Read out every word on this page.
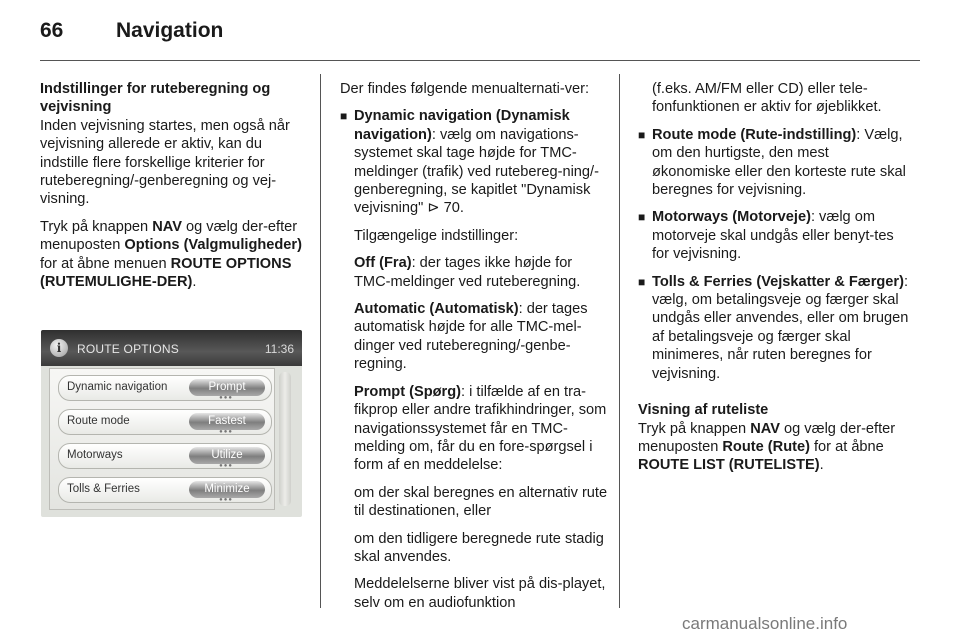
66	Navigation

Indstillinger for ruteberegning og vejvisning

Inden vejvisning startes, men også når vejvisning allerede er aktiv, kan du indstille flere forskellige kriterier for ruteberegning/-genberegning og vej-visning.

Tryk på knappen NAV og vælg der-efter menuposten Options (Valgmuligheder) for at åbne menuen ROUTE OPTIONS (RUTEMULIGHE-DER).

i	ROUTE OPTIONS	11:36
Dynamic navigation	Prompt
●●●
Route mode	Fastest
●●●
Motorways	Utilize
●●●
Tolls & Ferries	Minimize
●●●

Der findes følgende menualternati-ver:

■ Dynamic navigation (Dynamisk navigation): vælg om navigations-systemet skal tage højde for TMC-meldinger (trafik) ved rutebereg-ning/-genberegning, se kapitlet "Dynamisk vejvisning" ⊳ 70.

Tilgængelige indstillinger:

Off (Fra): der tages ikke højde for TMC-meldinger ved ruteberegning.

Automatic (Automatisk): der tages automatisk højde for alle TMC-mel-dinger ved ruteberegning/-genbe-regning.

Prompt (Spørg): i tilfælde af en tra-fikprop eller andre trafikhindringer, som navigationssystemet får en TMC-melding om, får du en fore-spørgsel i form af en meddelelse:

om der skal beregnes en alternativ rute til destinationen, eller

om den tidligere beregnede rute stadig skal anvendes.

Meddelelserne bliver vist på dis-playet, selv om en audiofunktion

(f.eks. AM/FM eller CD) eller tele-fonfunktionen er aktiv for øjeblikket.

■ Route mode (Rute-indstilling): Vælg, om den hurtigste, den mest økonomiske eller den korteste rute skal beregnes for vejvisning.
■ Motorways (Motorveje): vælg om motorveje skal undgås eller benyt-tes for vejvisning.
■ Tolls & Ferries (Vejskatter & Færger): vælg, om betalingsveje og færger skal undgås eller anvendes, eller om brugen af betalingsveje og færger skal minimeres, når ruten beregnes for vejvisning.

Visning af ruteliste

Tryk på knappen NAV og vælg der-efter menuposten Route (Rute) for at åbne ROUTE LIST (RUTELISTE).

carmanualsonline.info
